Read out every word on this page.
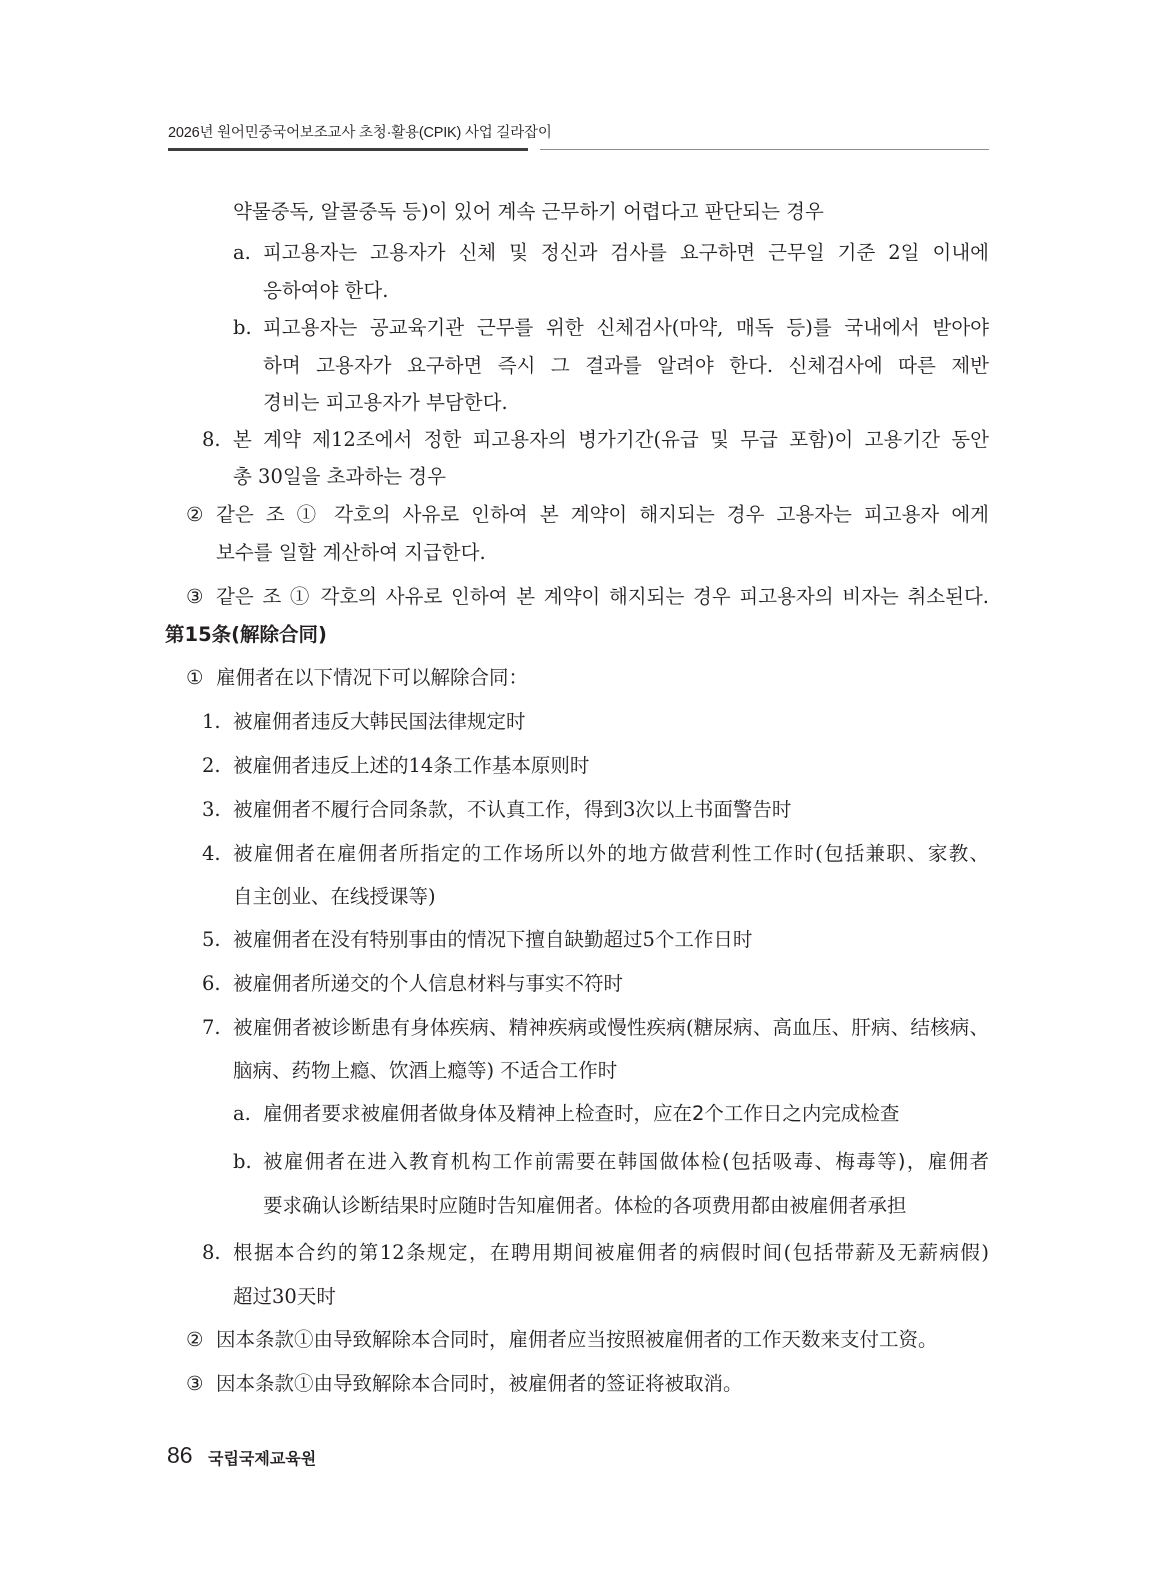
2026년 원어민중국어보조교사 초청·활용(CPIK) 사업 길라잡이
약물중독, 알콜중독 등)이 있어 계속 근무하기 어렵다고 판단되는 경우
a. 피고용자는 고용자가 신체 및 정신과 검사를 요구하면 근무일 기준 2일 이내에
응하여야 한다.
b. 피고용자는 공교육기관 근무를 위한 신체검사(마약, 매독 등)를 국내에서 받아야
하며 고용자가 요구하면 즉시 그 결과를 알려야 한다. 신체검사에 따른 제반
경비는 피고용자가 부담한다.
8. 본 계약 제12조에서 정한 피고용자의 병가기간(유급 및 무급 포함)이 고용기간 동안
총 30일을 초과하는 경우
② 같은 조 ① 각호의 사유로 인하여 본 계약이 해지되는 경우 고용자는 피고용자 에게
보수를 일할 계산하여 지급한다.
③ 같은 조 ① 각호의 사유로 인하여 본 계약이 해지되는 경우 피고용자의 비자는 취소된다.
第15条(解除合同)
① 雇佣者在以下情况下可以解除合同：
1. 被雇佣者违反大韩民国法律规定时
2. 被雇佣者违反上述的14条工作基本原则时
3. 被雇佣者不履行合同条款，不认真工作，得到3次以上书面警告时
4. 被雇佣者在雇佣者所指定的工作场所以外的地方做营利性工作时(包括兼职、家教、
自主创业、在线授课等)
5. 被雇佣者在没有特别事由的情况下擅自缺勤超过5个工作日时
6. 被雇佣者所递交的个人信息材料与事实不符时
7. 被雇佣者被诊断患有身体疾病、精神疾病或慢性疾病(糖尿病、高血压、肝病、结核病、
脑病、药物上瘾、饮酒上瘾等) 不适合工作时
a. 雇佣者要求被雇佣者做身体及精神上检查时，应在2个工作日之内完成检查
b. 被雇佣者在进入教育机构工作前需要在韩国做体检(包括吸毒、梅毒等)，雇佣者
要求确认诊断结果时应随时告知雇佣者。体检的各项费用都由被雇佣者承担
8. 根据本合约的第12条规定，在聘用期间被雇佣者的病假时间(包括带薪及无薪病假)
超过30天时
② 因本条款①由导致解除本合同时，雇佣者应当按照被雇佣者的工作天数来支付工资。
③ 因本条款①由导致解除本合同时，被雇佣者的签证将被取消。
86 국립국제교육원
